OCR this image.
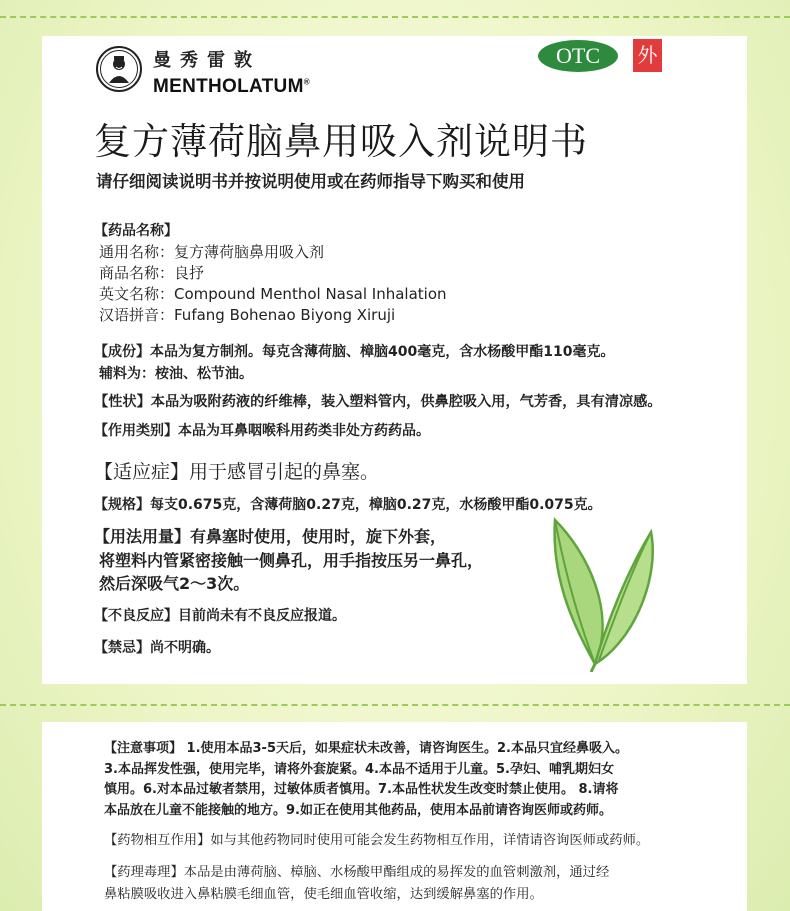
曼秀雷敦
MENTHOLATUM®
OTC	外
复方薄荷脑鼻用吸入剂说明书
请仔细阅读说明书并按说明使用或在药师指导下购买和使用
【药品名称】
通用名称：复方薄荷脑鼻用吸入剂
商品名称：良抒
英文名称：Compound Menthol Nasal Inhalation
汉语拼音：Fufang Bohenao Biyong Xiruji
【成份】本品为复方制剂。每克含薄荷脑、樟脑400毫克，含水杨酸甲酯110毫克。
辅料为：桉油、松节油。
【性状】本品为吸附药液的纤维棒，装入塑料管内，供鼻腔吸入用，气芳香，具有清凉感。
【作用类别】本品为耳鼻咽喉科用药类非处方药药品。
【适应症】用于感冒引起的鼻塞。
【规格】每支0.675克，含薄荷脑0.27克，樟脑0.27克，水杨酸甲酯0.075克。
【用法用量】有鼻塞时使用，使用时，旋下外套，
将塑料内管紧密接触一侧鼻孔，用手指按压另一鼻孔，
然后深吸气2～3次。
【不良反应】目前尚未有不良反应报道。
【禁忌】尚不明确。
【注意事项】 1.使用本品3-5天后，如果症状未改善，请咨询医生。2.本品只宜经鼻吸入。
3.本品挥发性强，使用完毕，请将外套旋紧。4.本品不适用于儿童。5.孕妇、哺乳期妇女
慎用。6.对本品过敏者禁用，过敏体质者慎用。7.本品性状发生改变时禁止使用。 8.请将
本品放在儿童不能接触的地方。9.如正在使用其他药品，使用本品前请咨询医师或药师。
【药物相互作用】如与其他药物同时使用可能会发生药物相互作用，详情请咨询医师或药师。
【药理毒理】本品是由薄荷脑、樟脑、水杨酸甲酯组成的易挥发的血管刺激剂，通过经
鼻粘膜吸收进入鼻粘膜毛细血管，使毛细血管收缩，达到缓解鼻塞的作用。
